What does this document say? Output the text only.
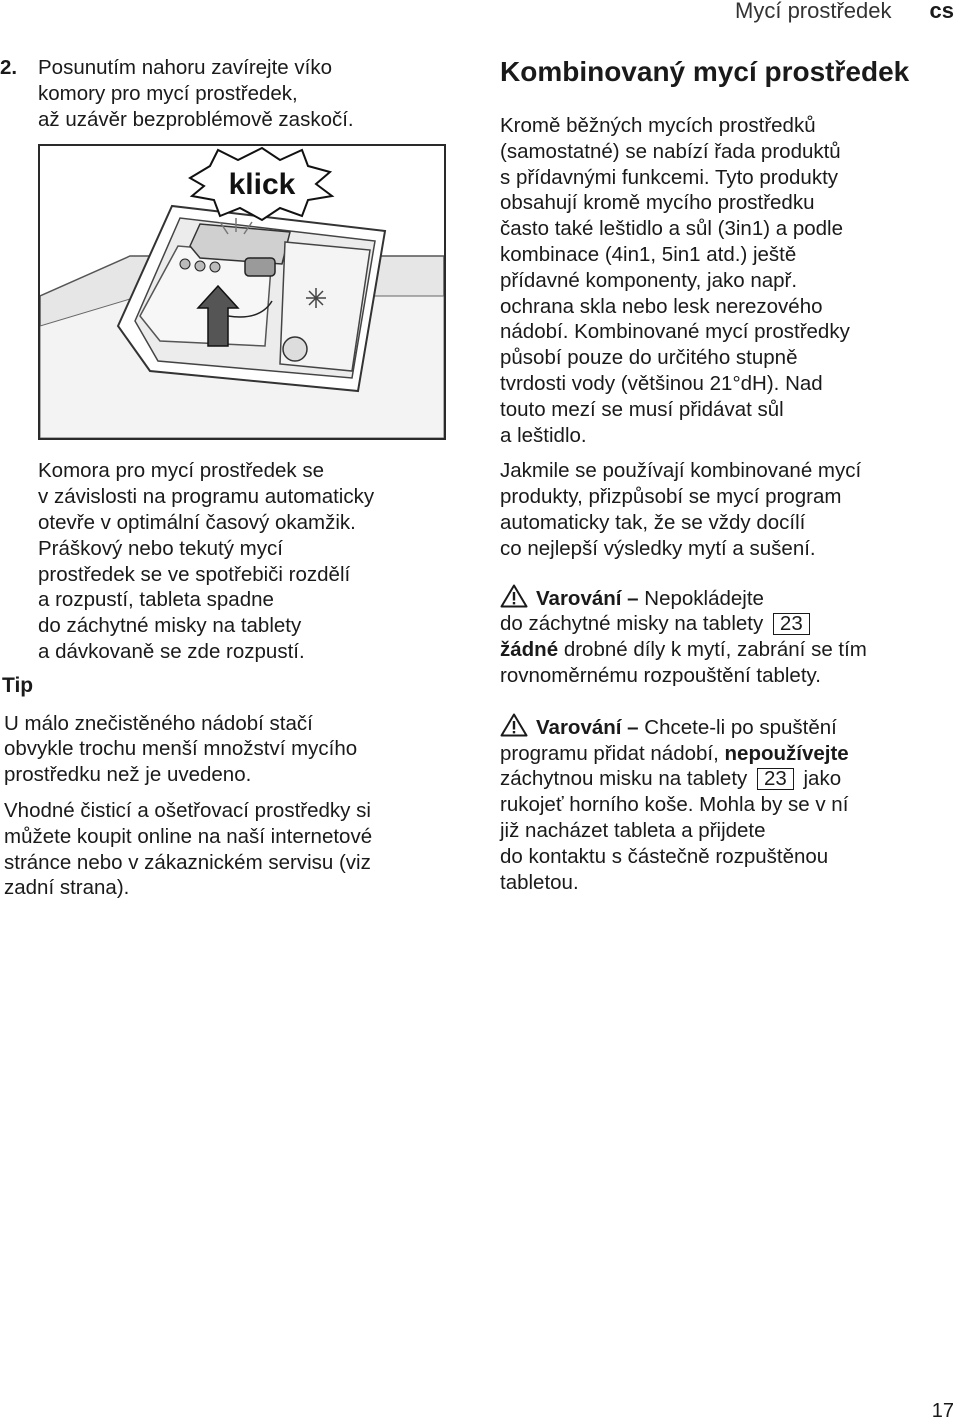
Mycí prostředek cs
2.	Posunutím nahoru zavírejte víko
komory pro mycí prostředek,
až uzávěr bezproblémově zaskočí.
klick
Komora pro mycí prostředek se
v závislosti na programu automaticky
otevře v optimální časový okamžik.
Práškový nebo tekutý mycí
prostředek se ve spotřebiči rozdělí
a rozpustí, tableta spadne
do záchytné misky na tablety
a dávkovaně se zde rozpustí.
Tip

U málo znečistěného nádobí stačí
obvykle trochu menší množství mycího
prostředku než je uvedeno.

Vhodné čisticí a ošetřovací prostředky si
můžete koupit online na naší internetové
stránce nebo v zákaznickém servisu (viz
zadní strana).

Kombinovaný mycí prostředek

Kromě běžných mycích prostředků
(samostatné) se nabízí řada produktů
s přídavnými funkcemi. Tyto produkty
obsahují kromě mycího prostředku
často také leštidlo a sůl (3in1) a podle
kombinace (4in1, 5in1 atd.) ještě
přídavné komponenty, jako např.
ochrana skla nebo lesk nerezového
nádobí. Kombinované mycí prostředky
působí pouze do určitého stupně
tvrdosti vody (většinou 21°dH). Nad
touto mezí se musí přidávat sůl
a leštidlo.

Jakmile se používají kombinované mycí
produkty, přizpůsobí se mycí program
automaticky tak, že se vždy docílí
co nejlepší výsledky mytí a sušení.

Varování – Nepokládejte
do záchytné misky na tablety 23
žádné drobné díly k mytí, zabrání se tím
rovnoměrnému rozpouštění tablety.

Varování – Chcete-li po spuštění
programu přidat nádobí, nepoužívejte
záchytnou misku na tablety 23 jako
rukojeť horního koše. Mohla by se v ní
již nacházet tableta a přijdete
do kontaktu s částečně rozpuštěnou
tabletou.

17
